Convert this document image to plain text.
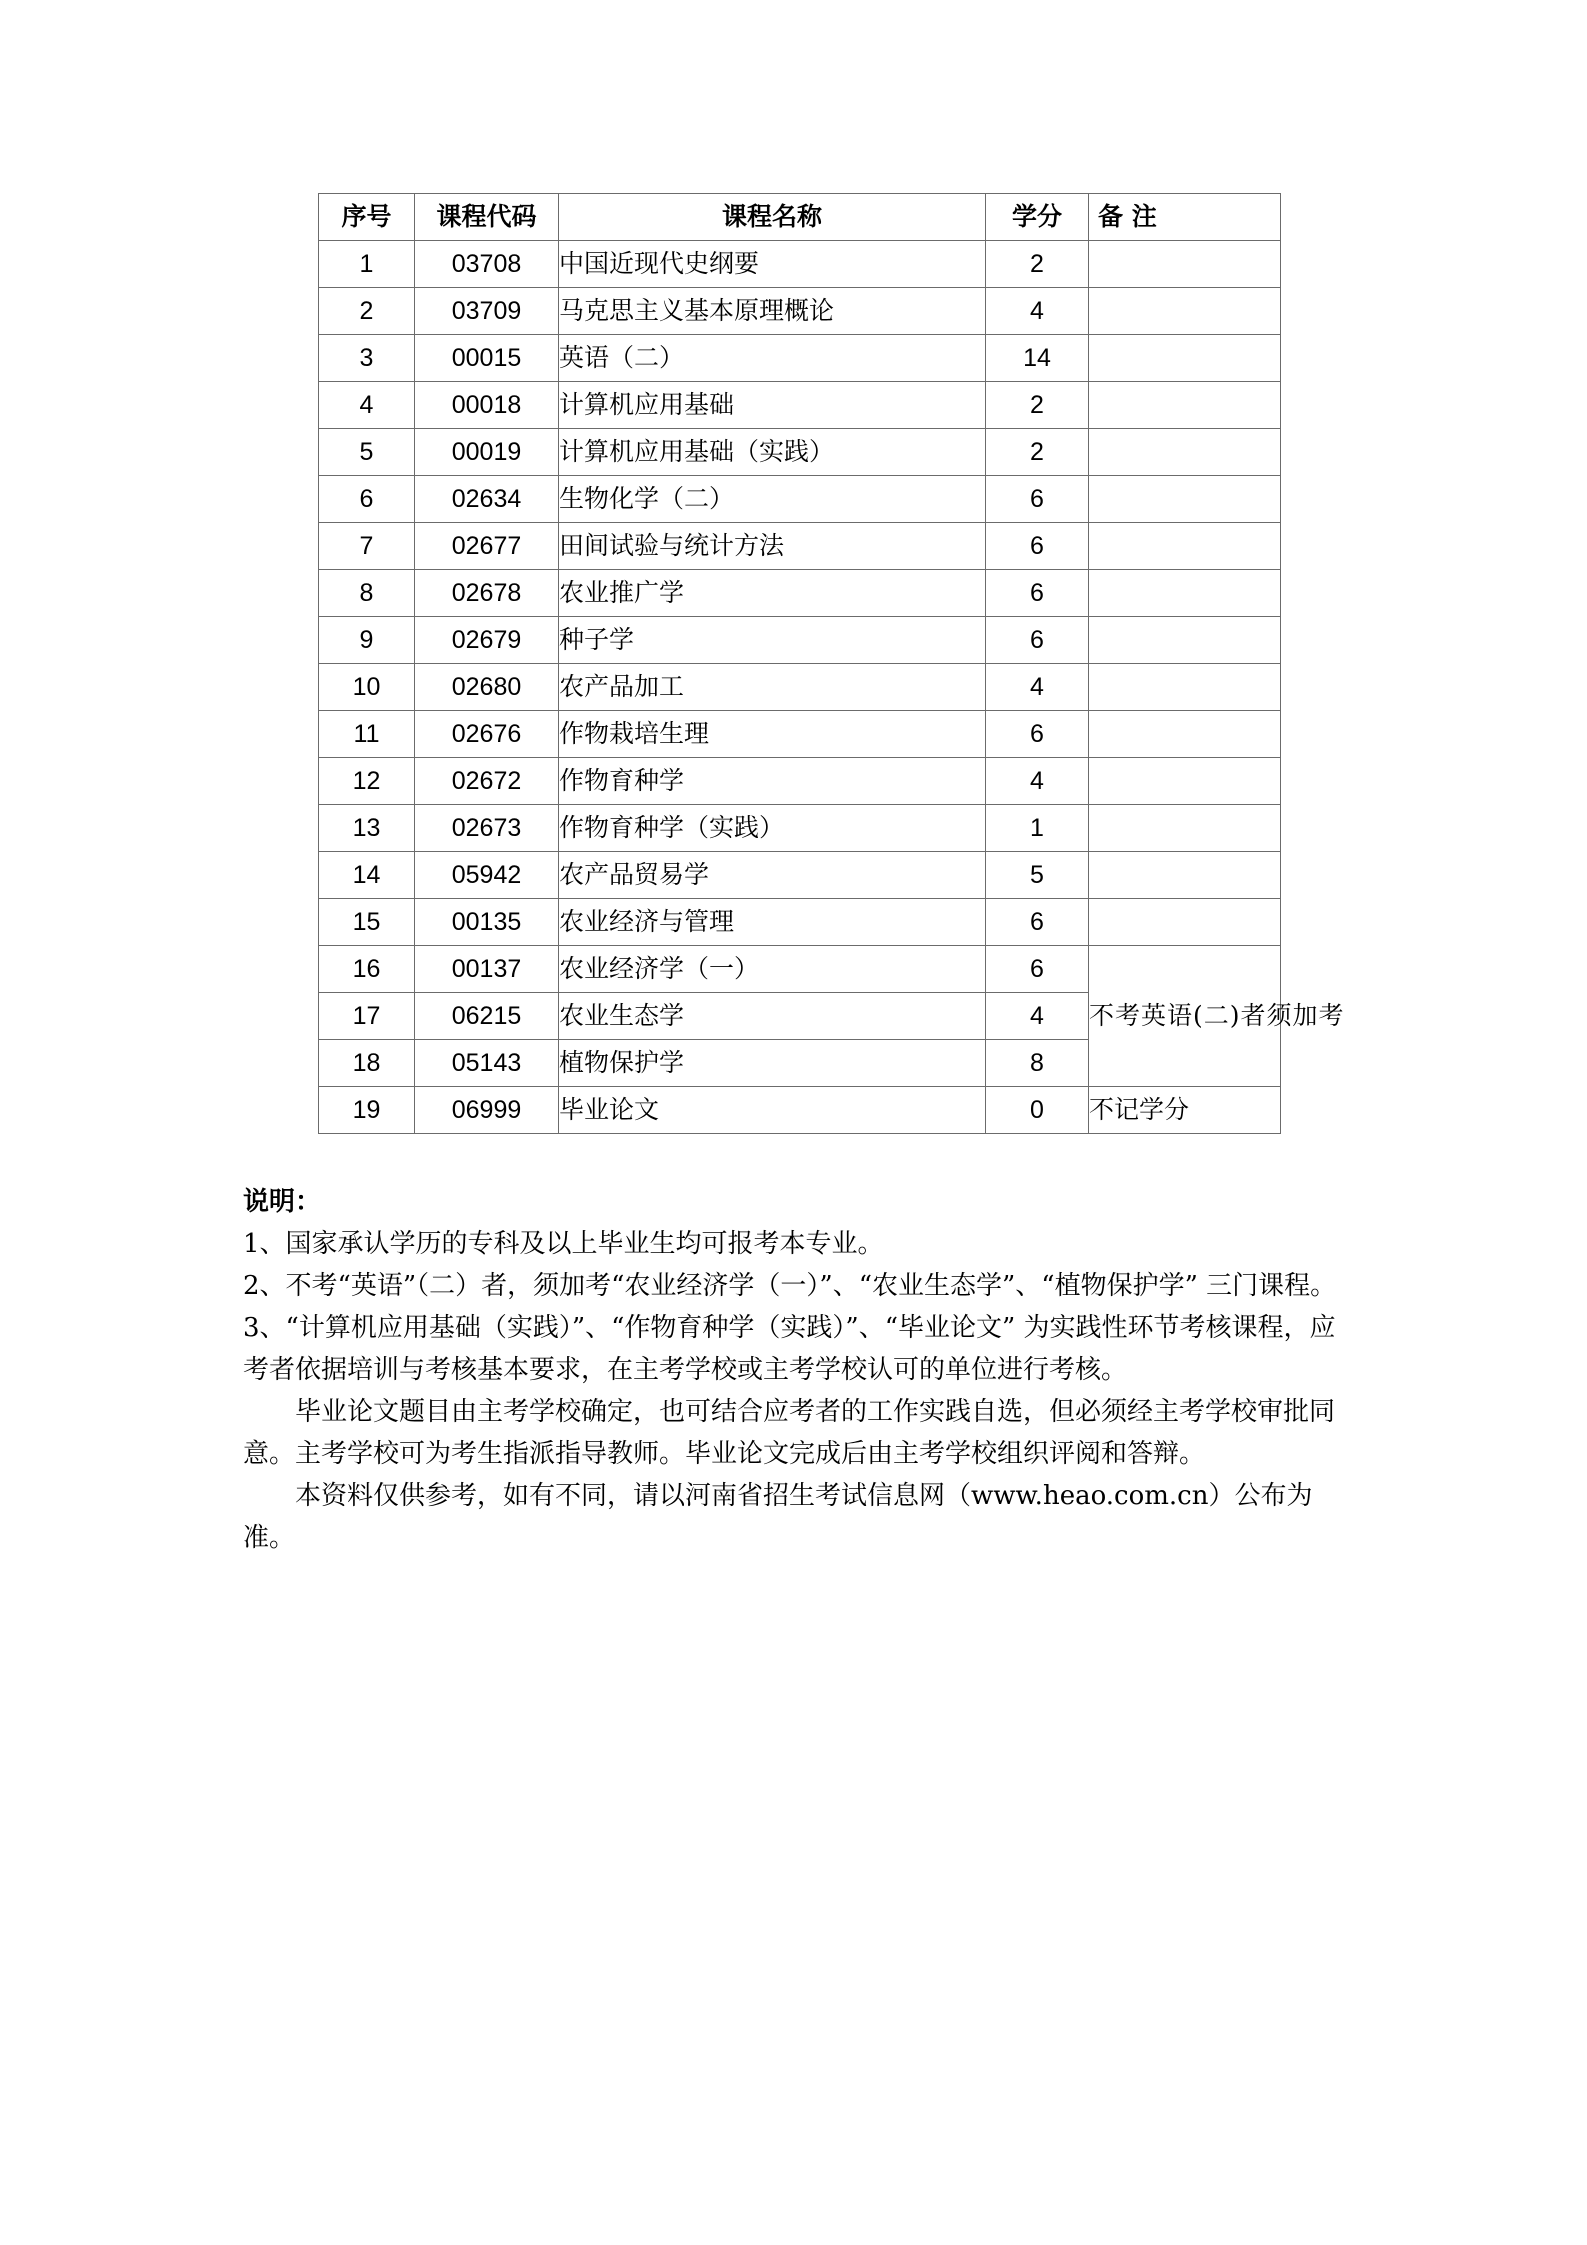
序号	课程代码	课程名称	学分	备 注
1	03708	中国近现代史纲要	2	
2	03709	马克思主义基本原理概论	4	
3	00015	英语（二）	14	
4	00018	计算机应用基础	2	
5	00019	计算机应用基础（实践）	2	
6	02634	生物化学（二）	6	
7	02677	田间试验与统计方法	6	
8	02678	农业推广学	6	
9	02679	种子学	6	
10	02680	农产品加工	4	
11	02676	作物栽培生理	6	
12	02672	作物育种学	4	
13	02673	作物育种学（实践）	1	
14	05942	农产品贸易学	5	
15	00135	农业经济与管理	6	
16	00137	农业经济学（一）	6	不考英语(二)者须加考
17	06215	农业生态学	4	
18	05143	植物保护学	8	
19	06999	毕业论文	0	不记学分

说明：

1、国家承认学历的专科及以上毕业生均可报考本专业。

2、不考“英语”（二）者，须加考“农业经济学（一）”、“农业生态学”、“植物保护学” 三门课程。

3、“计算机应用基础（实践）”、“作物育种学（实践）”、“毕业论文” 为实践性环节考核课程，应考者依据培训与考核基本要求，在主考学校或主考学校认可的单位进行考核。

毕业论文题目由主考学校确定，也可结合应考者的工作实践自选，但必须经主考学校审批同意。主考学校可为考生指派指导教师。毕业论文完成后由主考学校组织评阅和答辩。

本资料仅供参考，如有不同，请以河南省招生考试信息网（www.heao.com.cn）公布为准。
